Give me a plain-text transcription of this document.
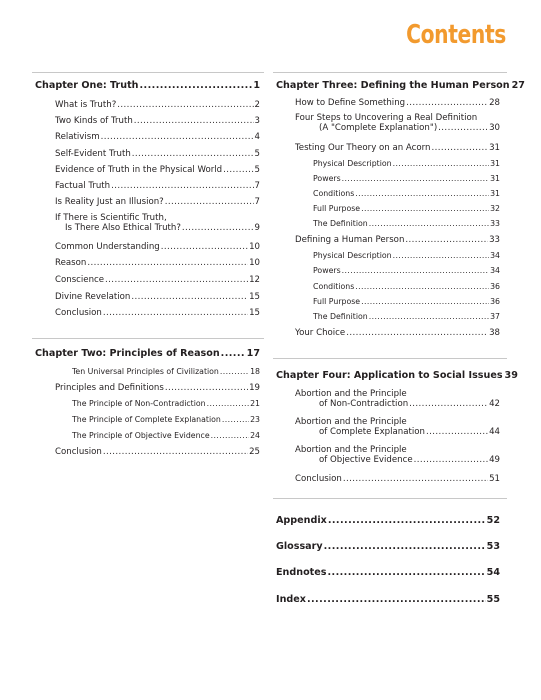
Contents
Chapter One: Truth .....	1
What is Truth? .....	2
Two Kinds of Truth .....	3
Relativism .....	4
Self-Evident Truth .....	5
Evidence of Truth in the Physical World .....	5
Factual Truth .....	7
Is Reality Just an Illusion? .....	7
If There is Scientific Truth,
Is There Also Ethical Truth? .....	9
Common Understanding .....	10
Reason .....	10
Conscience .....	12
Divine Revelation .....	15
Conclusion .....	15
Chapter Two: Principles of Reason .....	17
Ten Universal Principles of Civilization .....	18
Principles and Definitions .....	19
The Principle of Non-Contradiction .....	21
The Principle of Complete Explanation .....	23
The Principle of Objective Evidence .....	24
Conclusion .....	25
Chapter Three: Defining the Human Person 27
How to Define Something .....	28
Four Steps to Uncovering a Real Definition
(A "Complete Explanation") .....	30
Testing Our Theory on an Acorn .....	31
Physical Description .....	31
Powers .....	31
Conditions .....	31
Full Purpose .....	32
The Definition .....	33
Defining a Human Person .....	33
Physical Description .....	34
Powers .....	34
Conditions .....	36
Full Purpose .....	36
The Definition .....	37
Your Choice .....	38
Chapter Four: Application to Social Issues 39
Abortion and the Principle
of Non-Contradiction .....	42
Abortion and the Principle
of Complete Explanation .....	44
Abortion and the Principle
of Objective Evidence .....	49
Conclusion .....	51
Appendix .....	52
Glossary .....	53
Endnotes .....	54
Index .....	55
